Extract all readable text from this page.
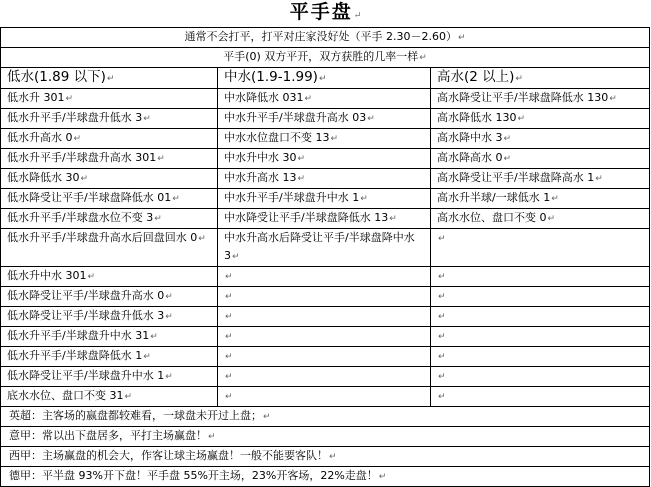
平手盘↵
通常不会打平，打平对庄家没好处（平手 2.30－2.60）↵		
平手(0) 双方平开，双方获胜的几率一样↵		
低水(1.89 以下)↵	中水(1.9-1.99)↵	高水(2 以上)↵
低水升 301↵	中水降低水 031↵	高水降受让平手/半球盘降低水 130↵
低水升平手/半球盘升低水 3↵	中水升平手/半球盘升高水 03↵	高水降低水 130↵
低水升高水 0↵	中水水位盘口不变 13↵	高水降中水 3↵
低水升平手/半球盘升高水 301↵	中水升中水 30↵	高水降高水 0↵
低水降低水 30↵	中水升高水 13↵	高水降受让平手/半球盘降高水 1↵
低水降受让平手/半球盘降低水 01↵	中水升平手/半球盘升中水 1↵	高水升半球/一球低水 1↵
低水升平手/半球盘水位不变 3↵	中水降受让平手/半球盘降低水 13↵	高水水位、盘口不变 0↵
低水升平手/半球盘升高水后回盘回水 0↵	中水升高水后降受让平手/半球盘降中水 3↵	↵
低水升中水 301↵	↵	↵
低水降受让平手/半球盘升高水 0↵	↵	↵
低水降受让平手/半球盘升低水 3↵	↵	↵
低水升平手/半球盘升中水 31↵	↵	↵
低水升平手/半球盘降低水 1↵	↵	↵
低水降受让平手/半球盘升中水 1↵	↵	↵
底水水位、盘口不变 31↵	↵	↵
英超：主客场的嬴盘都较难看，一球盘未开过上盘；↵		
意甲：常以出下盘居多，平打主场赢盘！↵		
西甲：主场赢盘的机会大，作客让球主场赢盘！一般不能要客队！↵		
德甲：平半盘 93%开下盘！平手盘 55%开主场，23%开客场，22%走盘！↵		
